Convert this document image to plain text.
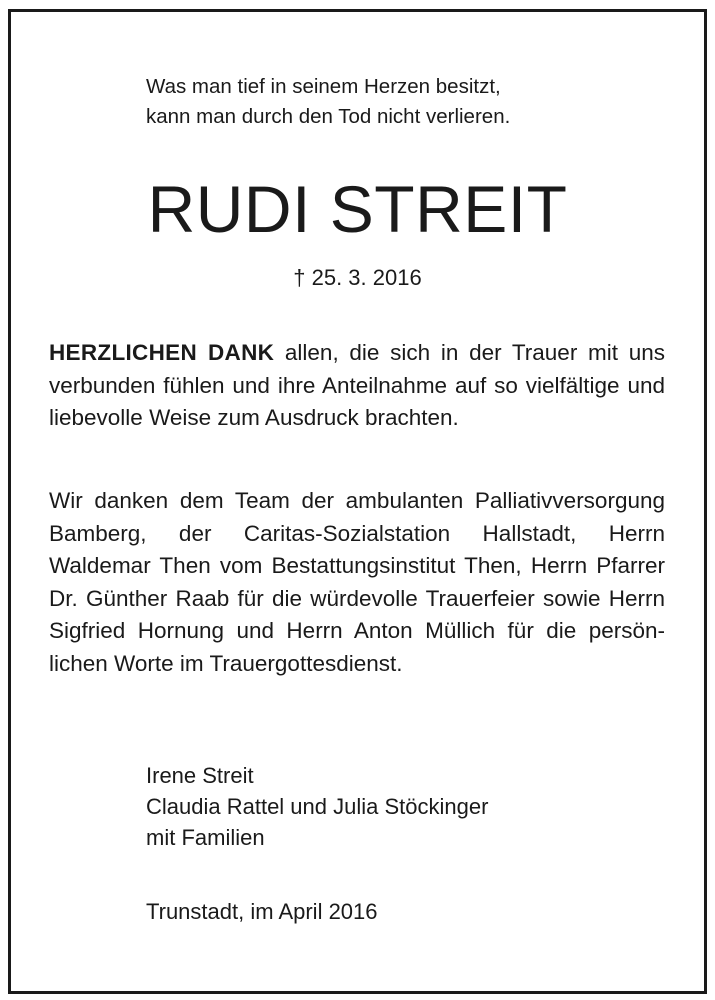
Was man tief in seinem Herzen besitzt,
kann man durch den Tod nicht verlieren.
RUDI STREIT
† 25. 3. 2016

HERZLICHEN DANK allen, die sich in der Trauer mit uns verbunden fühlen und ihre Anteilnahme auf so vielfältige und liebevolle Weise zum Ausdruck brachten.

Wir danken dem Team der ambulanten Palliativversorgung Bamberg, der Caritas-Sozialstation Hallstadt, Herrn Waldemar Then vom Bestattungsinstitut Then, Herrn Pfarrer Dr. Günther Raab für die würdevolle Trauerfeier sowie Herrn Sigfried Hornung und Herrn Anton Müllich für die persönlichen Worte im Trauergottesdienst.

Irene Streit
Claudia Rattel und Julia Stöckinger
mit Familien
Trunstadt, im April 2016
